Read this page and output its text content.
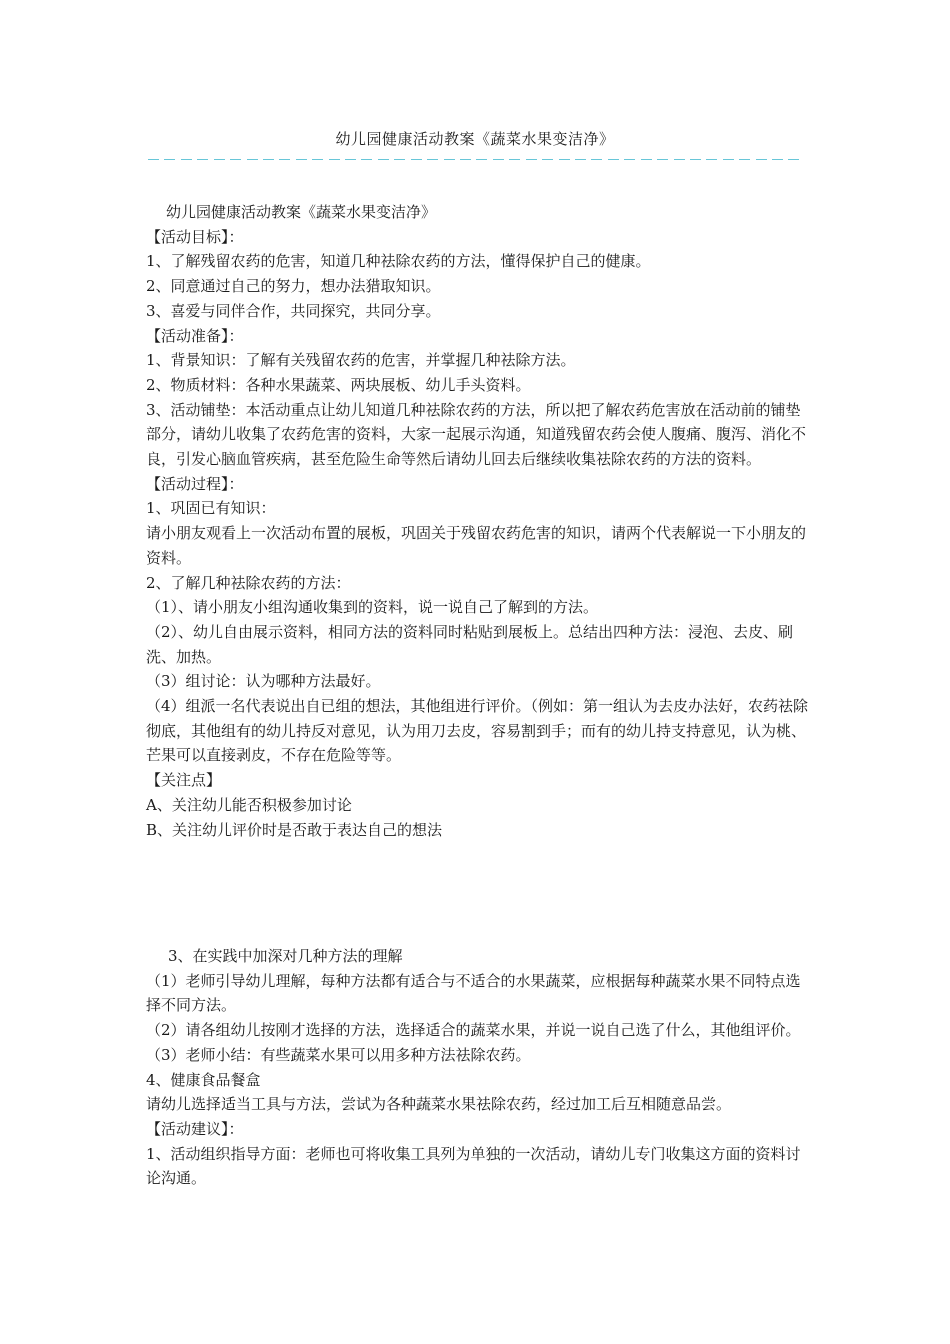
幼儿园健康活动教案《蔬菜水果变洁净》

幼儿园健康活动教案《蔬菜水果变洁净》

【活动目标】：

1、了解残留农药的危害，知道几种祛除农药的方法，懂得保护自己的健康。

2、同意通过自己的努力，想办法猎取知识。

3、喜爱与同伴合作，共同探究，共同分享。

【活动准备】：

1、背景知识：了解有关残留农药的危害，并掌握几种祛除方法。

2、物质材料：各种水果蔬菜、两块展板、幼儿手头资料。

3、活动铺垫：本活动重点让幼儿知道几种祛除农药的方法，所以把了解农药危害放在活动前的铺垫部分，请幼儿收集了农药危害的资料，大家一起展示沟通，知道残留农药会使人腹痛、腹泻、消化不良，引发心脑血管疾病，甚至危险生命等然后请幼儿回去后继续收集祛除农药的方法的资料。

【活动过程】：

1、巩固已有知识：

请小朋友观看上一次活动布置的展板，巩固关于残留农药危害的知识，请两个代表解说一下小朋友的资料。

2、了解几种祛除农药的方法：

（1）、请小朋友小组沟通收集到的资料，说一说自己了解到的方法。

（2）、幼儿自由展示资料，相同方法的资料同时粘贴到展板上。总结出四种方法：浸泡、去皮、刷洗、加热。

（3）组讨论：认为哪种方法最好。

（4）组派一名代表说出自已组的想法，其他组进行评价。（例如：第一组认为去皮办法好，农药祛除彻底，其他组有的幼儿持反对意见，认为用刀去皮，容易割到手；而有的幼儿持支持意见，认为桃、芒果可以直接剥皮，不存在危险等等。

【关注点】

A、关注幼儿能否积极参加讨论

B、关注幼儿评价时是否敢于表达自己的想法

3、在实践中加深对几种方法的理解

（1）老师引导幼儿理解，每种方法都有适合与不适合的水果蔬菜，应根据每种蔬菜水果不同特点选择不同方法。

（2）请各组幼儿按刚才选择的方法，选择适合的蔬菜水果，并说一说自己选了什么，其他组评价。

（3）老师小结：有些蔬菜水果可以用多种方法祛除农药。

4、健康食品餐盒

请幼儿选择适当工具与方法，尝试为各种蔬菜水果祛除农药，经过加工后互相随意品尝。

【活动建议】：

1、活动组织指导方面：老师也可将收集工具列为单独的一次活动，请幼儿专门收集这方面的资料讨论沟通。
